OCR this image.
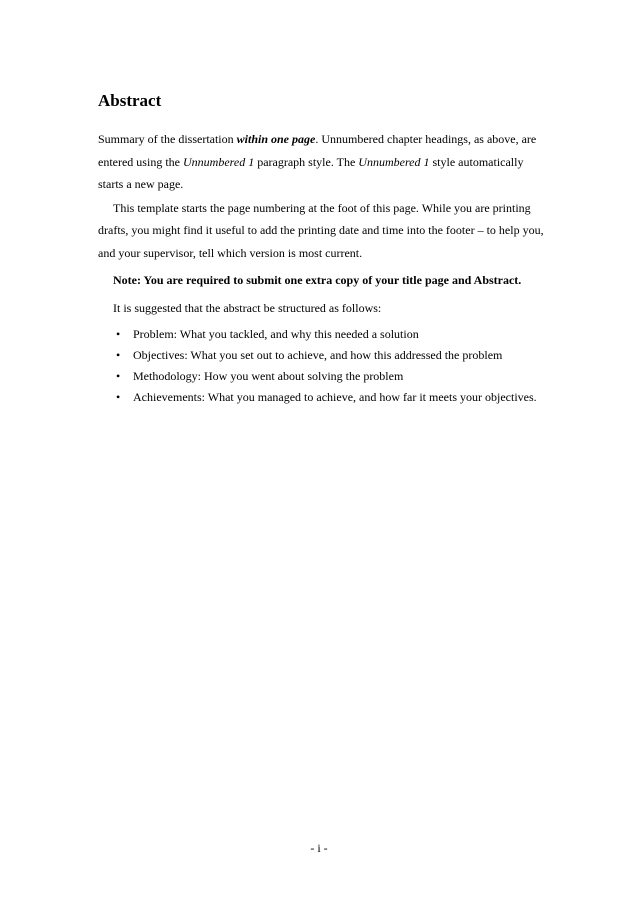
Abstract

Summary of the dissertation within one page. Unnumbered chapter headings, as above, are entered using the Unnumbered 1 paragraph style. The Unnumbered 1 style automatically starts a new page.

This template starts the page numbering at the foot of this page. While you are printing drafts, you might find it useful to add the printing date and time into the footer – to help you, and your supervisor, tell which version is most current.

Note: You are required to submit one extra copy of your title page and Abstract.

It is suggested that the abstract be structured as follows:

• Problem: What you tackled, and why this needed a solution
• Objectives: What you set out to achieve, and how this addressed the problem
• Methodology: How you went about solving the problem
• Achievements: What you managed to achieve, and how far it meets your objectives.
- i -
